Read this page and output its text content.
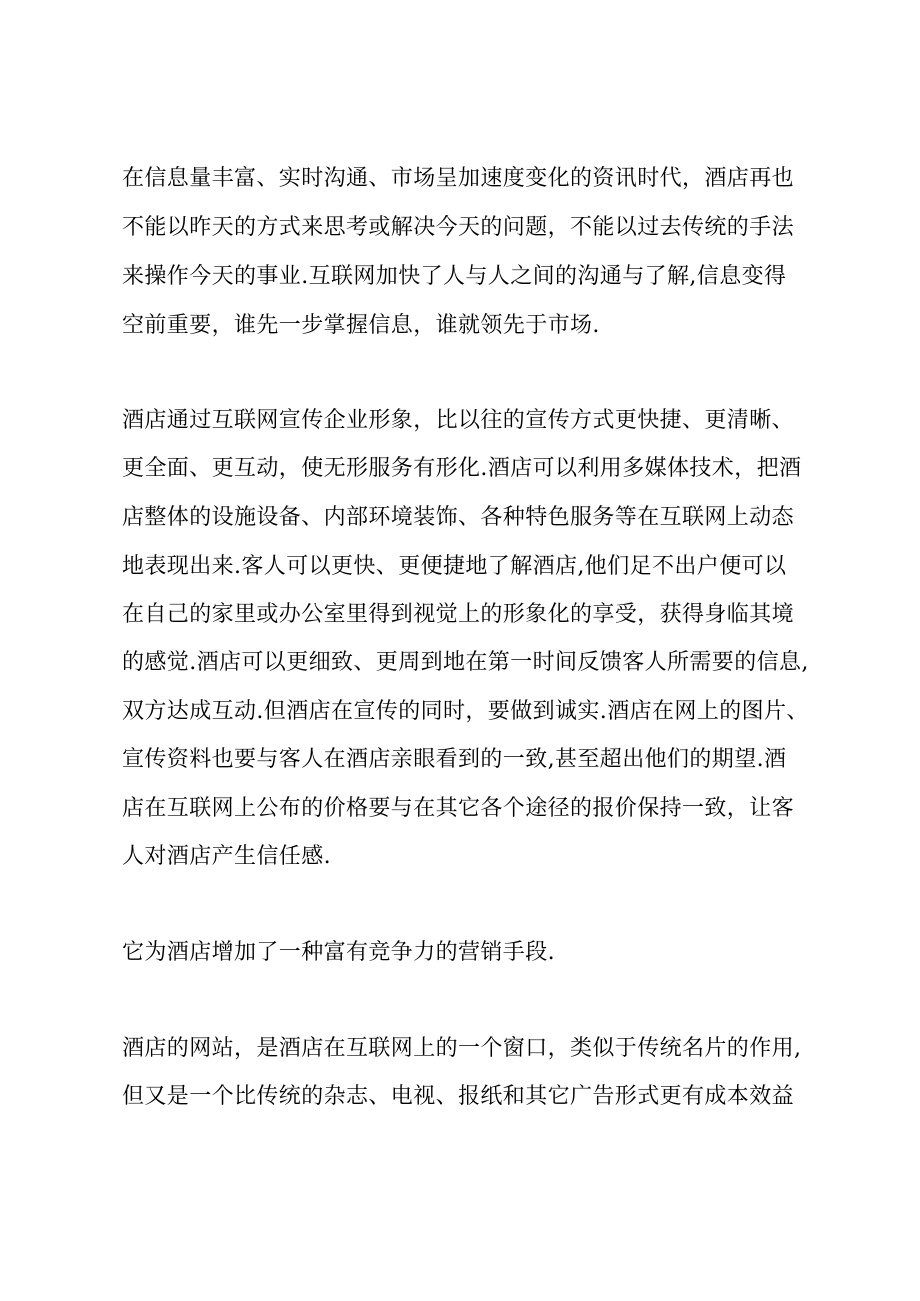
在信息量丰富、实时沟通、市场呈加速度变化的资讯时代，酒店再也
不能以昨天的方式来思考或解决今天的问题，不能以过去传统的手法
来操作今天的事业.互联网加快了人与人之间的沟通与了解,信息变得
空前重要，谁先一步掌握信息，谁就领先于市场.
酒店通过互联网宣传企业形象，比以往的宣传方式更快捷、更清晰、
更全面、更互动，使无形服务有形化.酒店可以利用多媒体技术，把酒
店整体的设施设备、内部环境装饰、各种特色服务等在互联网上动态
地表现出来.客人可以更快、更便捷地了解酒店,他们足不出户便可以
在自己的家里或办公室里得到视觉上的形象化的享受，获得身临其境
的感觉.酒店可以更细致、更周到地在第一时间反馈客人所需要的信息,
双方达成互动.但酒店在宣传的同时，要做到诚实.酒店在网上的图片、
宣传资料也要与客人在酒店亲眼看到的一致,甚至超出他们的期望.酒
店在互联网上公布的价格要与在其它各个途径的报价保持一致，让客
人对酒店产生信任感.
它为酒店增加了一种富有竞争力的营销手段.
酒店的网站，是酒店在互联网上的一个窗口，类似于传统名片的作用,
但又是一个比传统的杂志、电视、报纸和其它广告形式更有成本效益
